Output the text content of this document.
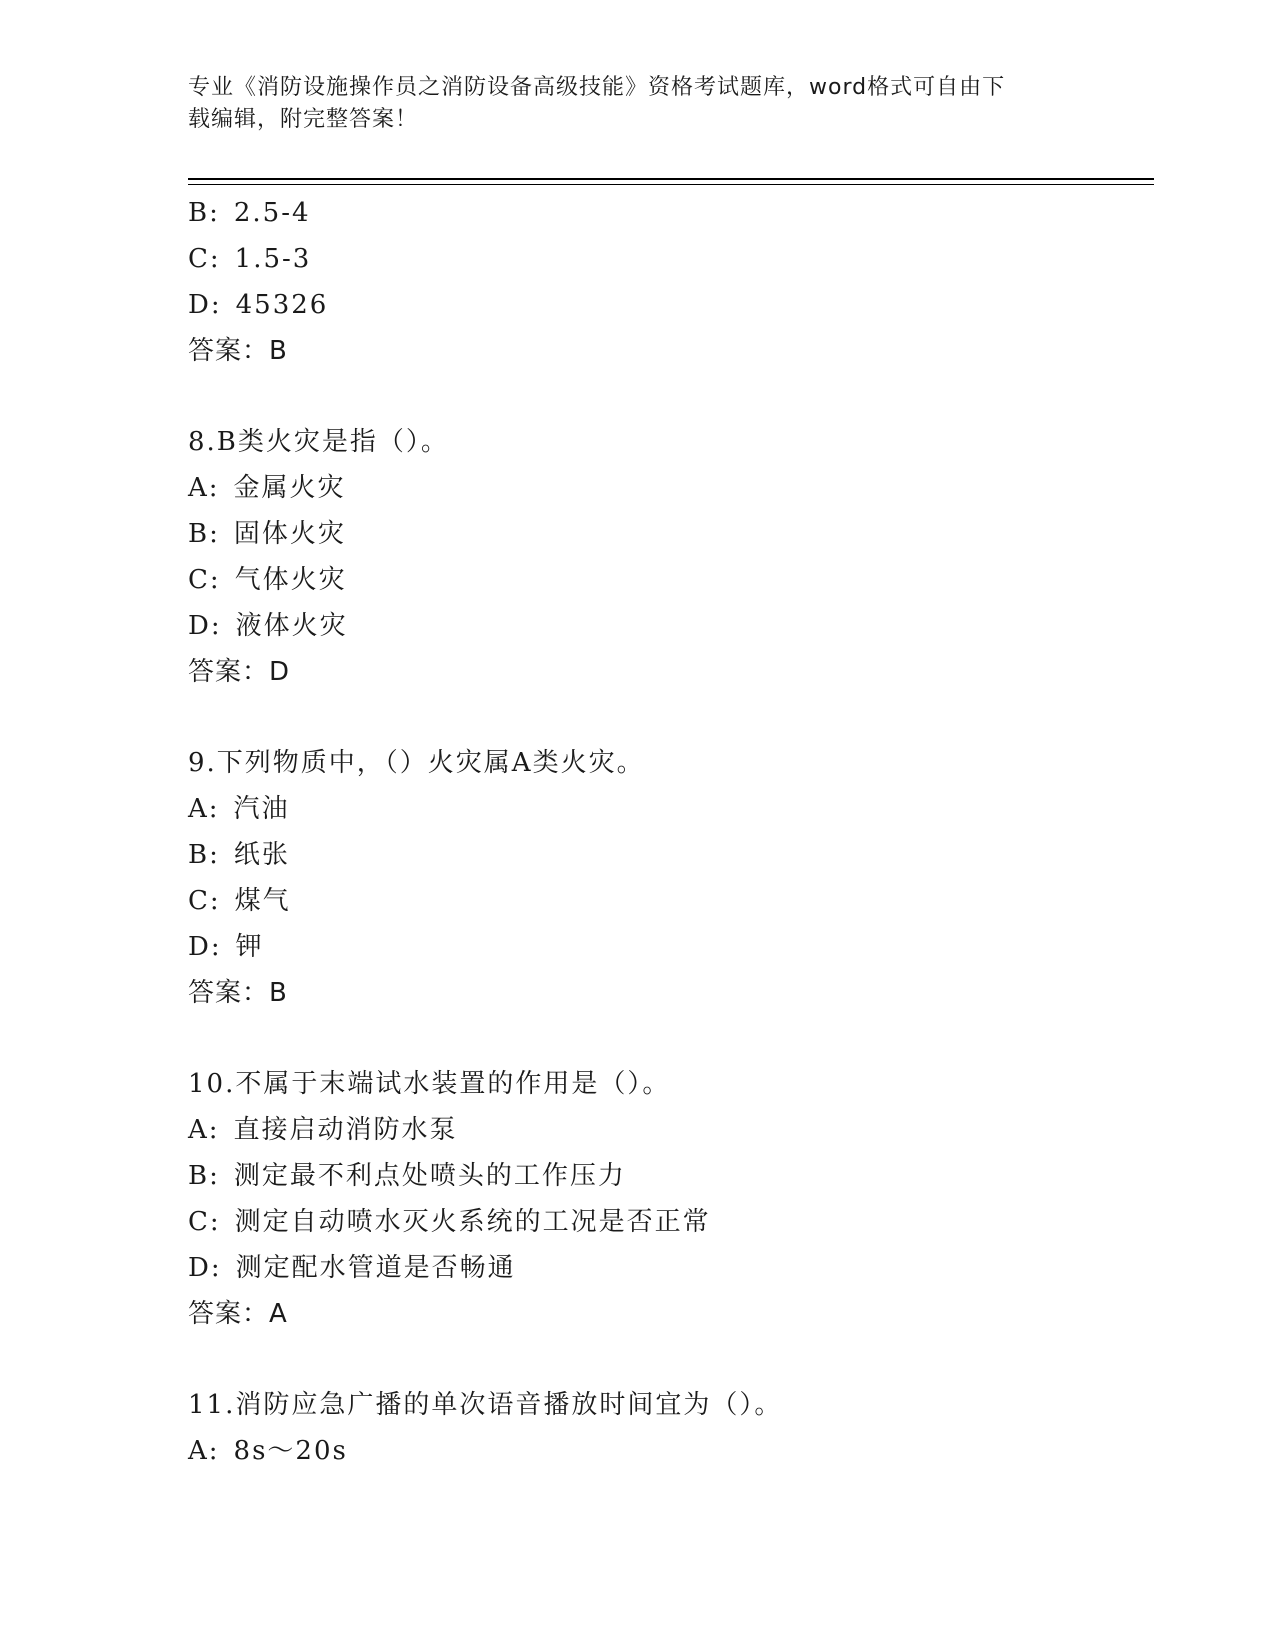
专业《消防设施操作员之消防设备高级技能》资格考试题库，word格式可自由下
载编辑，附完整答案！
B: 2.5-4
C: 1.5-3
D: 45326
答案：B
8.B类火灾是指（）。
A: 金属火灾
B: 固体火灾
C: 气体火灾
D: 液体火灾
答案：D
9.下列物质中，（）火灾属A类火灾。
A: 汽油
B: 纸张
C: 煤气
D: 钾
答案：B
10.不属于末端试水装置的作用是（）。
A: 直接启动消防水泵
B: 测定最不利点处喷头的工作压力
C: 测定自动喷水灭火系统的工况是否正常
D: 测定配水管道是否畅通
答案：A
11.消防应急广播的单次语音播放时间宜为（）。
A: 8s～20s
